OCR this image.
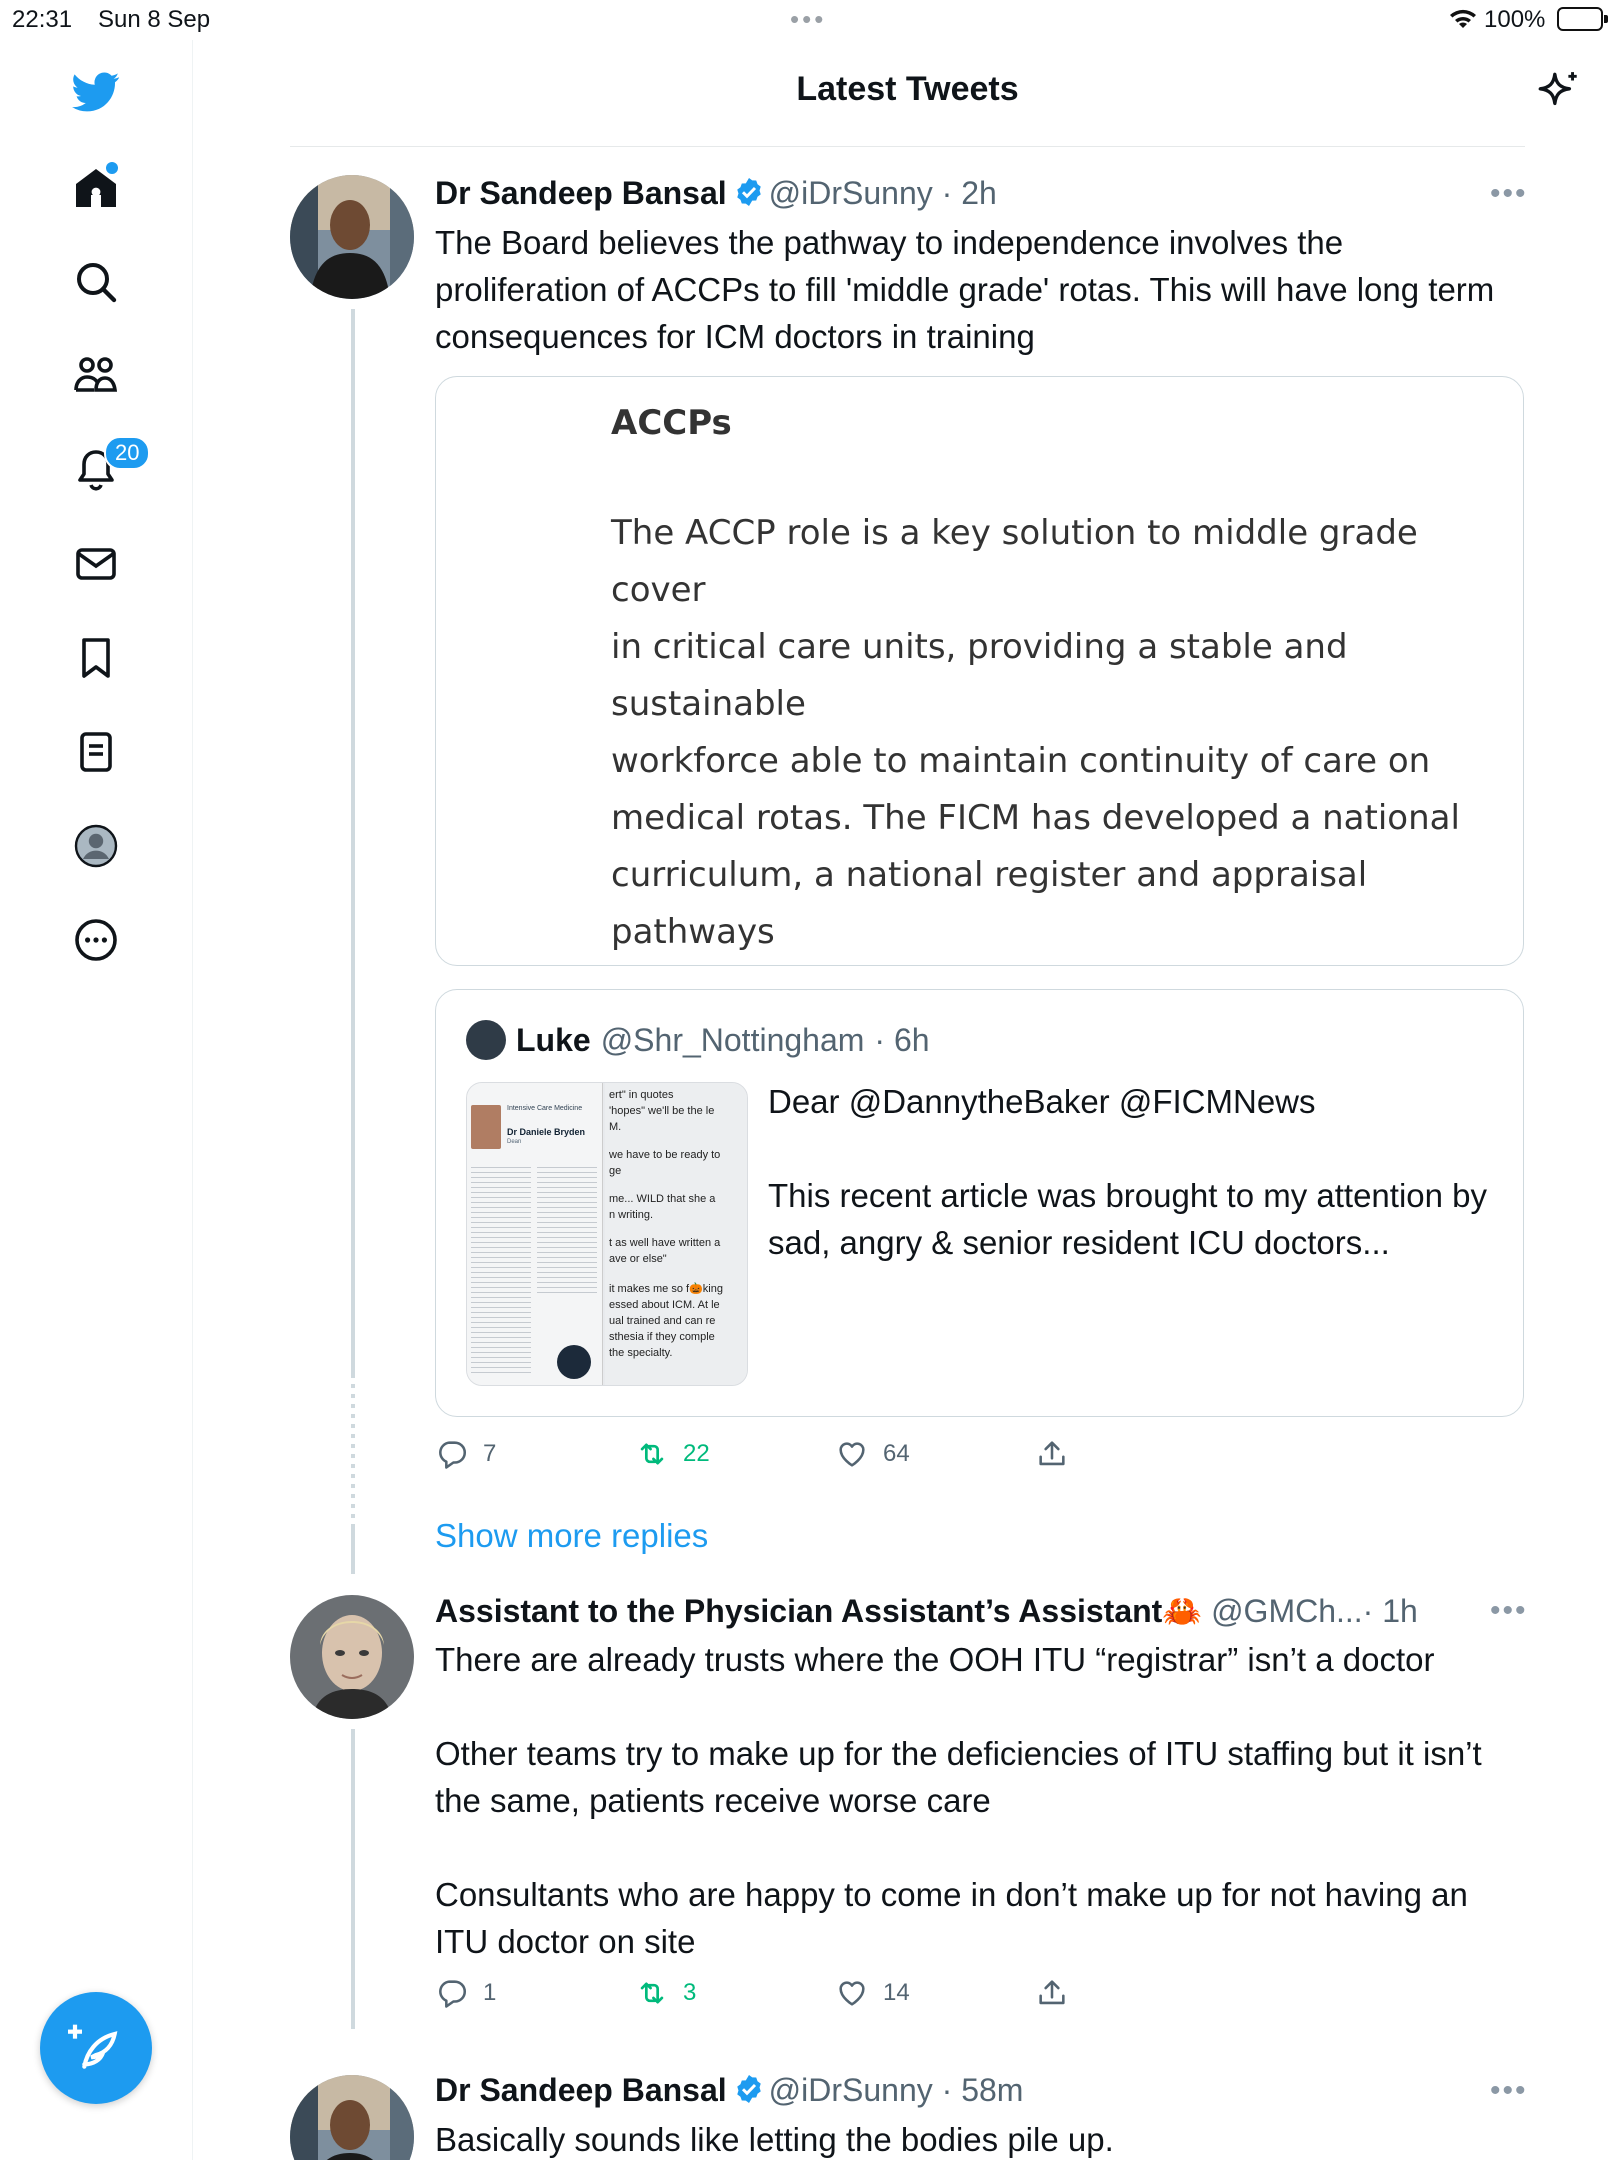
22:31 Sun 8 Sep	•••	100%
20
Latest Tweets
Dr Sandeep Bansal @iDrSunny · 2h	•••
The Board believes the pathway to independence involves the proliferation of ACCPs to fill 'middle grade' rotas. This will have long term consequences for ICM doctors in training
ACCPs
The ACCP role is a key solution to middle grade cover
in critical care units, providing a stable and sustainable
workforce able to maintain continuity of care on
medical rotas. The FICM has developed a national
curriculum, a national register and appraisal pathways

Luke @Shr_Nottingham · 6h
Intensive Care Medicine
Dr Daniele Bryden
Dean
ert" in quotes
'hopes" we'll be the le
M.
we have to be ready to
ge
me... WILD that she a
n writing.
t as well have written a
ave or else"
it makes me so f🎃king
essed about ICM. At le
ual trained and can re
sthesia if they comple
the specialty.
Dear @DannytheBaker @FICMNews

This recent article was brought to my attention by sad, angry & senior resident ICU doctors...
7	22	64
Show more replies
Assistant to the Physician Assistant’s Assistant🦀 @GMCh...· 1h •••
There are already trusts where the OOH ITU “registrar” isn’t a doctor

Other teams try to make up for the deficiencies of ITU staffing but it isn’t the same, patients receive worse care

Consultants who are happy to come in don’t make up for not having an ITU doctor on site
1	3	14
Dr Sandeep Bansal @iDrSunny · 58m	•••
Basically sounds like letting the bodies pile up.
